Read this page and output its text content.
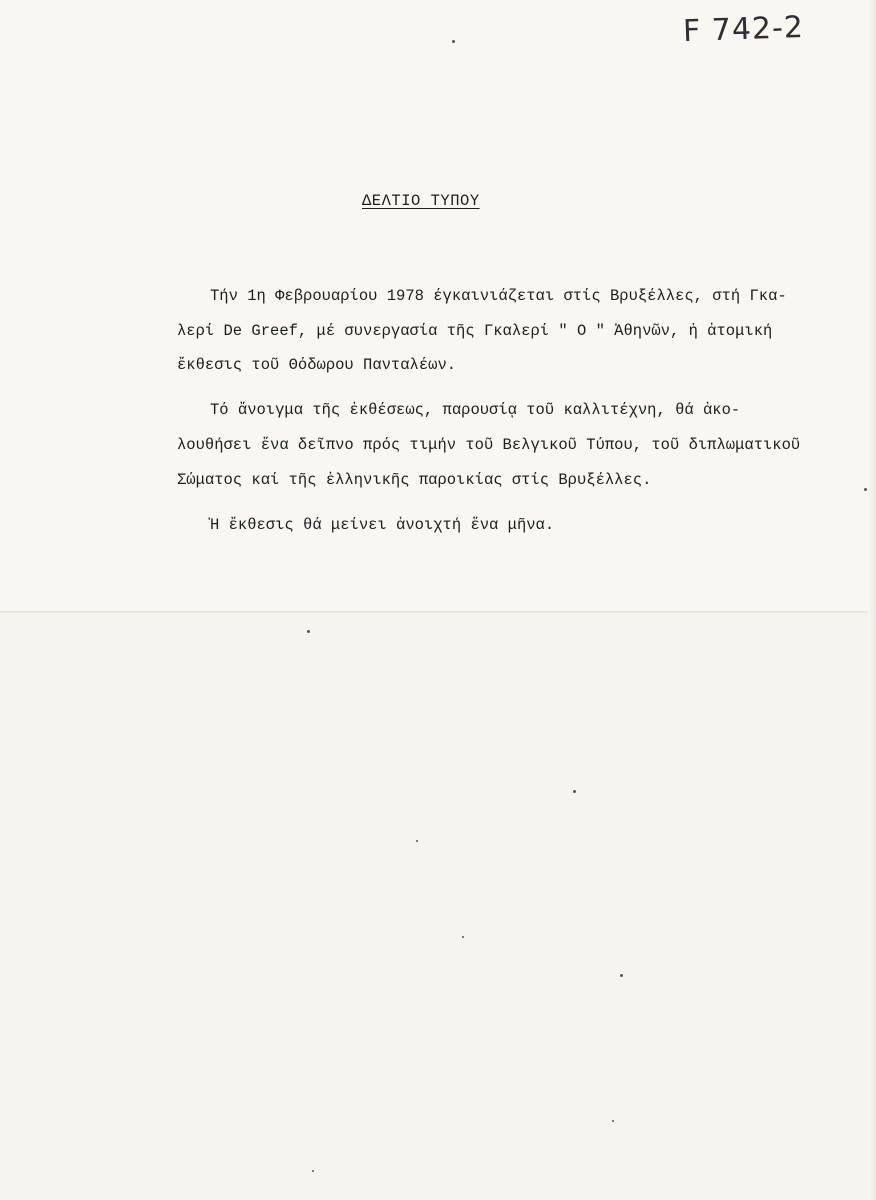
F 742-2
ΔΕΛΤΙΟ ΤΥΠΟΥ
Τήν 1η Φεβρουαρίου 1978 έγκαινιάζεται στίς Βρυξέλλες, στή Γκα-
λερί De Greef, μέ συνεργασία τῆς Γκαλερί " Ο " Ἀθηνῶν, ἡ ἀτομική
ἔκθεσις τοῦ Θόδωρου Πανταλέων.
Τό ἄνοιγμα τῆς ἐκθέσεως, παρουσίᾳ τοῦ καλλιτέχνη, θά ἀκο-
λουθήσει ἕνα δεῖπνο πρός τιμήν τοῦ Βελγικοῦ Τύπου, τοῦ διπλωματικοῦ
Σώματος καί τῆς ἑλληνικῆς παροικίας στίς Βρυξέλλες.
Ἡ ἔκθεσις θά μείνει ἀνοιχτή ἕνα μῆνα.
